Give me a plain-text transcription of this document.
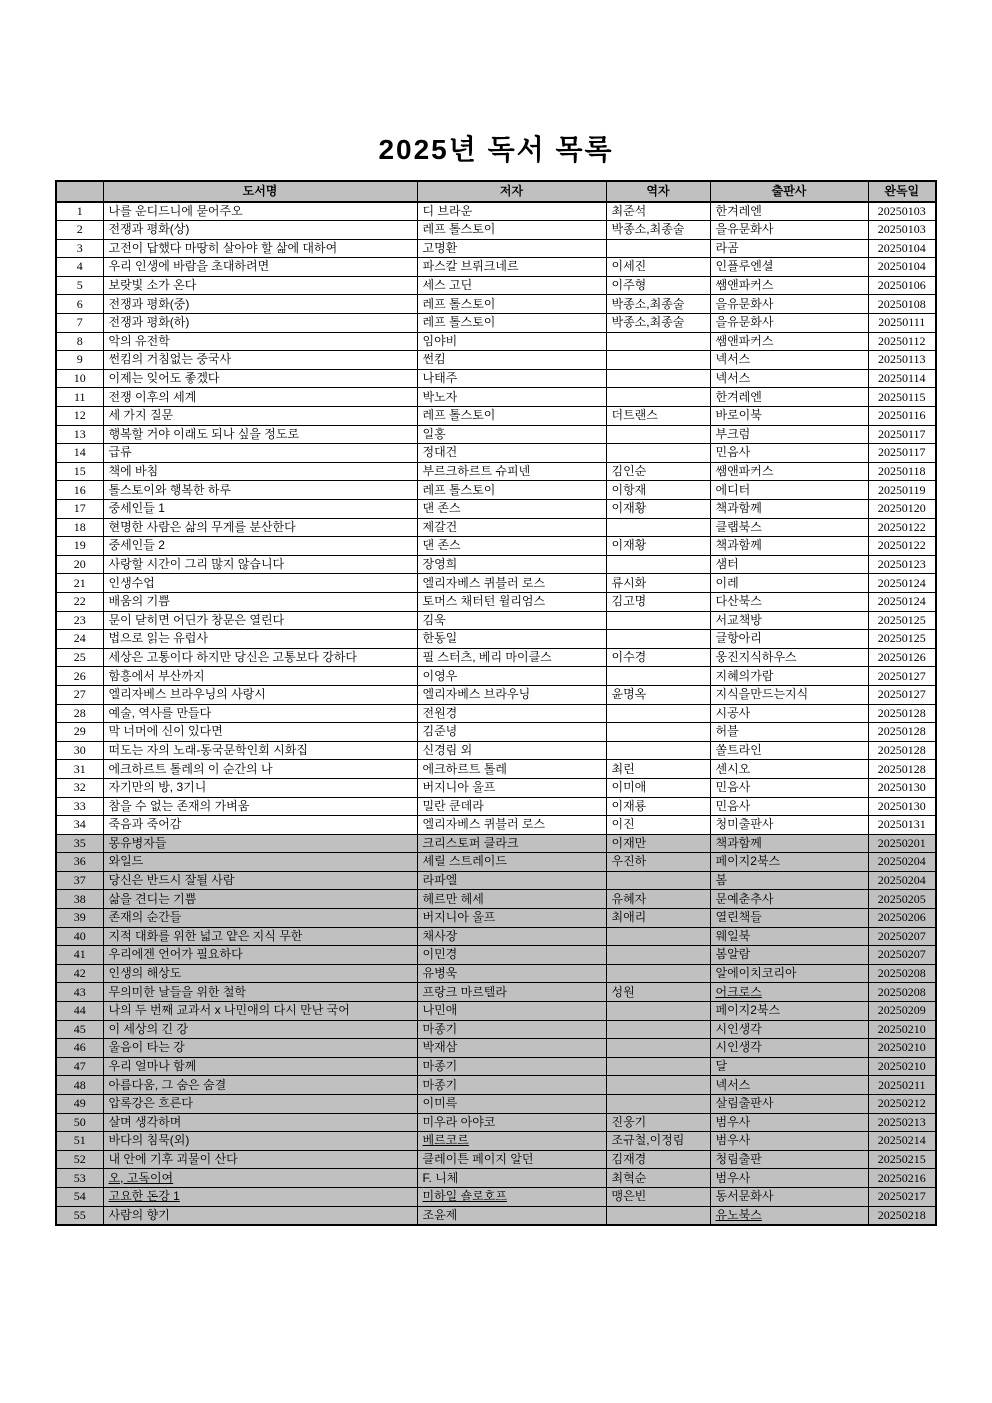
2025년 독서 목록
	도서명	저자	역자	출판사	완독일
1	나를 운디드니에 묻어주오	디 브라운	최준석	한겨레엔	20250103
2	전쟁과 평화(상)	레프 톨스토이	박종소,최종술	을유문화사	20250103
3	고전이 답했다 마땅히 살아야 할 삶에 대하여	고명환		라곰	20250104
4	우리 인생에 바람을 초대하려면	파스칼 브뤼크네르	이세진	인플루엔셜	20250104
5	보랏빛 소가 온다	세스 고딘	이주형	쌤앤파커스	20250106
6	전쟁과 평화(중)	레프 톨스토이	박종소,최종술	을유문화사	20250108
7	전쟁과 평화(하)	레프 톨스토이	박종소,최종술	을유문화사	20250111
8	악의 유전학	임야비		쌤앤파커스	20250112
9	썬킴의 거침없는 중국사	썬킴		넥서스	20250113
10	이제는 잊어도 좋겠다	나태주		넥서스	20250114
11	전쟁 이후의 세계	박노자		한겨레엔	20250115
12	세 가지 질문	레프 톨스토이	더트랜스	바로이북	20250116
13	행복할 거야 이래도 되나 싶을 정도로	일홍		부크럼	20250117
14	급류	정대건		민음사	20250117
15	책에 바침	부르크하르트 슈피넨	김인순	쌤앤파커스	20250118
16	톨스토이와 행복한 하루	레프 톨스토이	이항재	에디터	20250119
17	중세인들 1	댄 존스	이재황	책과함께	20250120
18	현명한 사람은 삶의 무게를 분산한다	제갈건		클랩북스	20250122
19	중세인들 2	댄 존스	이재황	책과함께	20250122
20	사랑할 시간이 그리 많지 않습니다	장영희		샘터	20250123
21	인생수업	엘리자베스 퀴블러 로스	류시화	이레	20250124
22	배움의 기쁨	토머스 채터턴 윌리엄스	김고명	다산북스	20250124
23	문이 닫히면 어딘가 창문은 열린다	김욱		서교책방	20250125
24	법으로 읽는 유럽사	한동일		글항아리	20250125
25	세상은 고통이다 하지만 당신은 고통보다 강하다	필 스터츠, 베리 마이클스	이수경	웅진지식하우스	20250126
26	함흥에서 부산까지	이영우		지혜의가람	20250127
27	엘리자베스 브라우닝의 사랑시	엘리자베스 브라우닝	윤명옥	지식을만드는지식	20250127
28	예술, 역사를 만들다	전원경		시공사	20250128
29	막 너머에 신이 있다면	김준녕		허블	20250128
30	떠도는 자의 노래-동국문학인회 시화집	신경림 외		쏠트라인	20250128
31	에크하르트 톨레의 이 순간의 나	에크하르트 톨레	최린	센시오	20250128
32	자기만의 방, 3기니	버지니아 울프	이미애	민음사	20250130
33	참을 수 없는 존재의 가벼움	밀란 쿤데라	이재룡	민음사	20250130
34	죽음과 죽어감	엘리자베스 퀴블러 로스	이진	청미출판사	20250131
35	몽유병자들	크리스토퍼 클라크	이재만	책과함께	20250201
36	와일드	셰릴 스트레이드	우진하	페이지2북스	20250204
37	당신은 반드시 잘될 사람	라파엘		봄	20250204
38	삶을 견디는 기쁨	헤르만 헤세	유혜자	문예춘추사	20250205
39	존재의 순간들	버지니아 울프	최애리	열린책들	20250206
40	지적 대화를 위한 넓고 얕은 지식 무한	채사장		웨일북	20250207
41	우리에겐 언어가 필요하다	이민경		봄알람	20250207
42	인생의 해상도	유병욱		알에이치코리아	20250208
43	무의미한 날들을 위한 철학	프랑크 마르텔라	성원	어크로스	20250208
44	나의 두 번째 교과서 x 나민애의 다시 만난 국어	나민애		페이지2북스	20250209
45	이 세상의 긴 강	마종기		시인생각	20250210
46	울음이 타는 강	박재삼		시인생각	20250210
47	우리 얼마나 함께	마종기		달	20250210
48	아름다움, 그 숨은 숨결	마종기		넥서스	20250211
49	압록강은 흐른다	이미륵		살림출판사	20250212
50	살며 생각하며	미우라 아야코	진웅기	범우사	20250213
51	바다의 침묵(외)	베르코르	조규철,이정림	범우사	20250214
52	내 안에 기후 괴물이 산다	클레이튼 페이지 알던	김재경	청림출판	20250215
53	오, 고독이여	F. 니체	최혁순	범우사	20250216
54	고요한 돈강 1	미하일 숄로호프	맹은빈	동서문화사	20250217
55	사람의 향기	조윤제		유노북스	20250218
